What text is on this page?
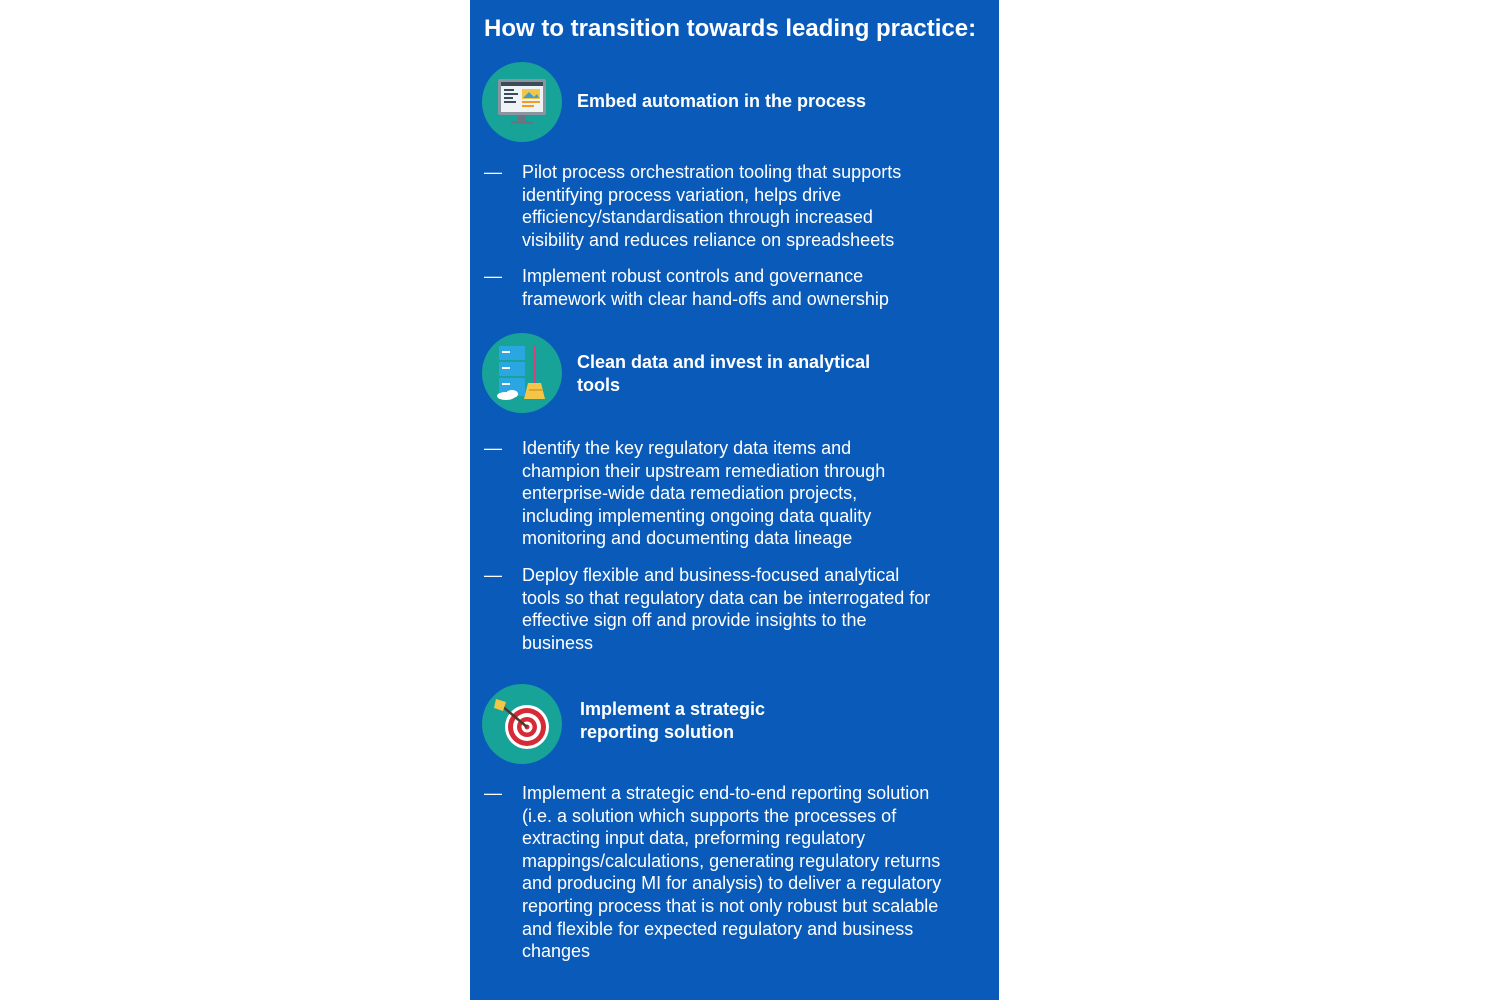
How to transition towards leading practice:
Embed automation in the process
—	Pilot process orchestration tooling that supports
identifying process variation, helps drive
efficiency/standardisation through increased
visibility and reduces reliance on spreadsheets
—	Implement robust controls and governance
framework with clear hand-offs and ownership
Clean data and invest in analytical
tools
—	Identify the key regulatory data items and
champion their upstream remediation through
enterprise-wide data remediation projects,
including implementing ongoing data quality
monitoring and documenting data lineage
—	Deploy flexible and business-focused analytical
tools so that regulatory data can be interrogated for
effective sign off and provide insights to the
business
Implement a strategic
reporting solution
—	Implement a strategic end-to-end reporting solution
(i.e. a solution which supports the processes of
extracting input data, preforming regulatory
mappings/calculations, generating regulatory returns
and producing MI for analysis) to deliver a regulatory
reporting process that is not only robust but scalable
and flexible for expected regulatory and business
changes
